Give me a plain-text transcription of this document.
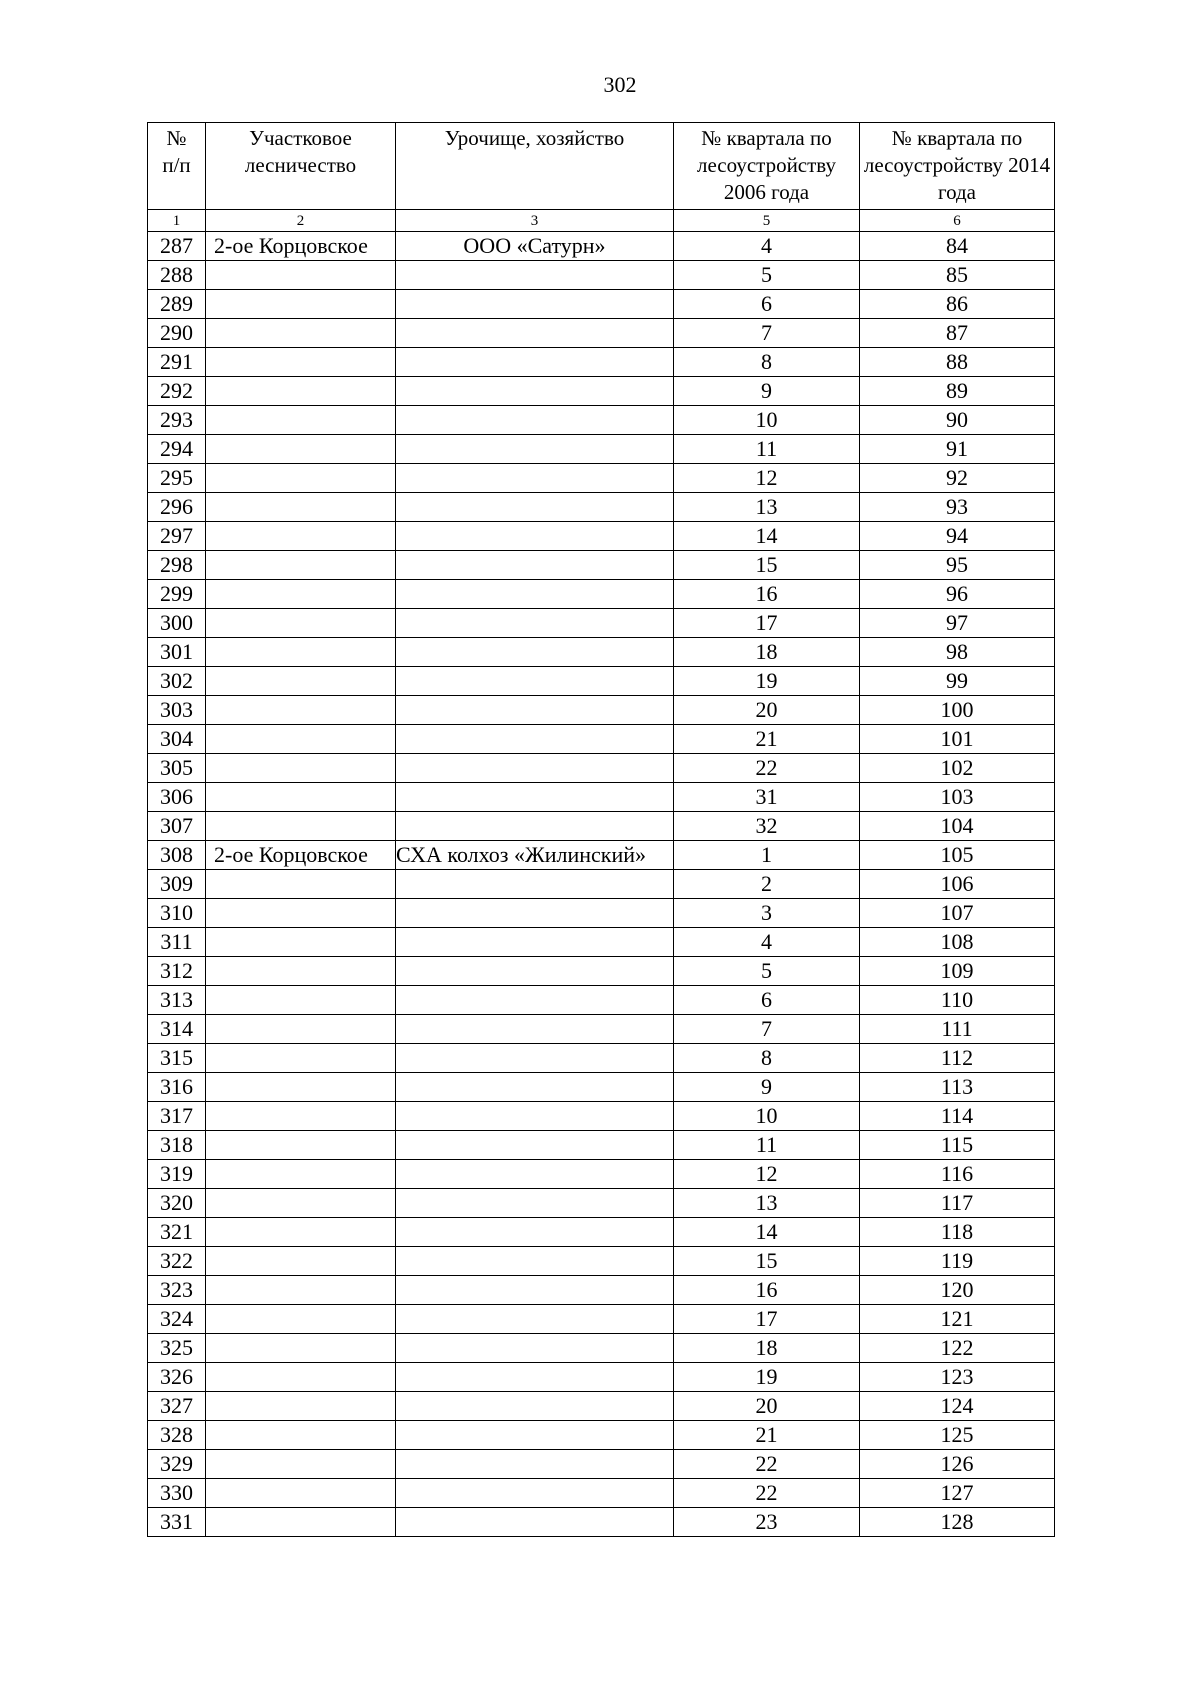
302
№
п/п	Участковое лесничество	Урочище, хозяйство	№ квартала по лесоустройству 2006 года	№ квартала по лесоустройству 2014 года
1	2	3	5	6
287	2-ое Корцовское	ООО «Сатурн»	4	84
288			5	85
289			6	86
290			7	87
291			8	88
292			9	89
293			10	90
294			11	91
295			12	92
296			13	93
297			14	94
298			15	95
299			16	96
300			17	97
301			18	98
302			19	99
303			20	100
304			21	101
305			22	102
306			31	103
307			32	104
308	2-ое Корцовское	СХА колхоз «Жилинский»	1	105
309			2	106
310			3	107
311			4	108
312			5	109
313			6	110
314			7	111
315			8	112
316			9	113
317			10	114
318			11	115
319			12	116
320			13	117
321			14	118
322			15	119
323			16	120
324			17	121
325			18	122
326			19	123
327			20	124
328			21	125
329			22	126
330			22	127
331			23	128
